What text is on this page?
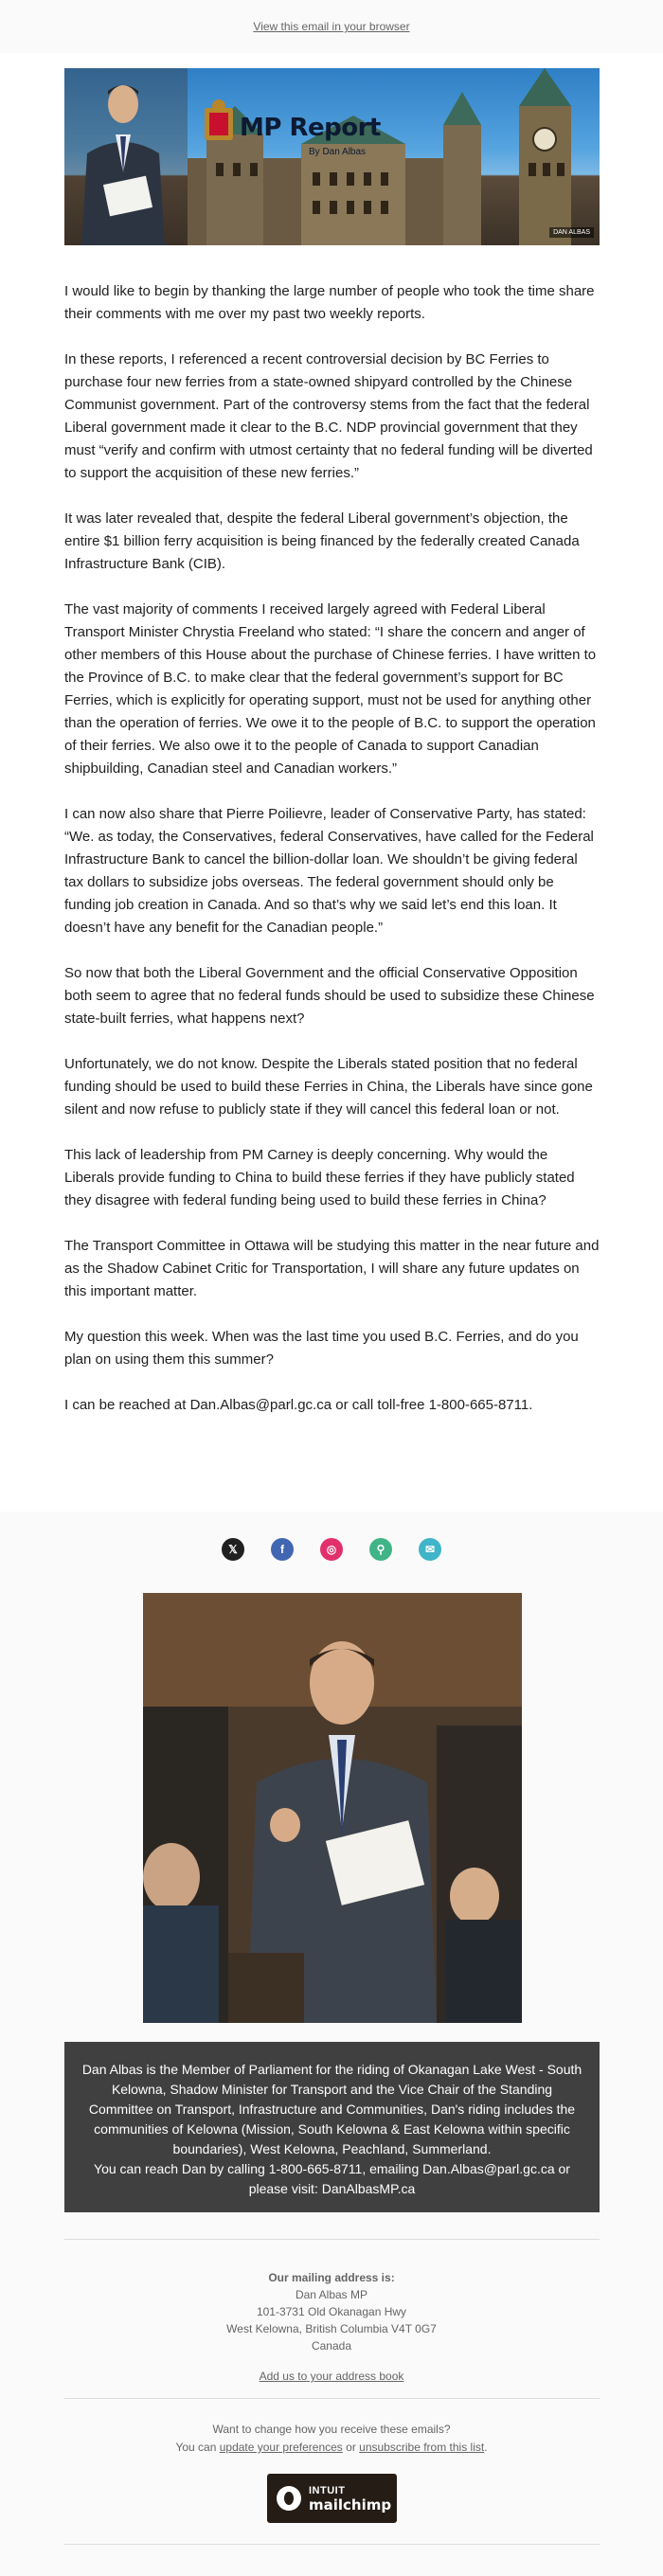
View this email in your browser
MP Report
By Dan Albas
DAN ALBAS

I would like to begin by thanking the large number of people who took the time share their comments with me over my past two weekly reports.

In these reports, I referenced a recent controversial decision by BC Ferries to purchase four new ferries from a state-owned shipyard controlled by the Chinese Communist government. Part of the controversy stems from the fact that the federal Liberal government made it clear to the B.C. NDP provincial government that they must “verify and confirm with utmost certainty that no federal funding will be diverted to support the acquisition of these new ferries.”

It was later revealed that, despite the federal Liberal government’s objection, the entire $1 billion ferry acquisition is being financed by the federally created Canada Infrastructure Bank (CIB).

The vast majority of comments I received largely agreed with Federal Liberal Transport Minister Chrystia Freeland who stated: “I share the concern and anger of other members of this House about the purchase of Chinese ferries. I have written to the Province of B.C. to make clear that the federal government’s support for BC Ferries, which is explicitly for operating support, must not be used for anything other than the operation of ferries. We owe it to the people of B.C. to support the operation of their ferries. We also owe it to the people of Canada to support Canadian shipbuilding, Canadian steel and Canadian workers.”

I can now also share that Pierre Poilievre, leader of Conservative Party, has stated: “We. as today, the Conservatives, federal Conservatives, have called for the Federal Infrastructure Bank to cancel the billion-dollar loan. We shouldn’t be giving federal tax dollars to subsidize jobs overseas. The federal government should only be funding job creation in Canada. And so that’s why we said let’s end this loan. It doesn’t have any benefit for the Canadian people.”

So now that both the Liberal Government and the official Conservative Opposition both seem to agree that no federal funds should be used to subsidize these Chinese state-built ferries, what happens next?

Unfortunately, we do not know. Despite the Liberals stated position that no federal funding should be used to build these Ferries in China, the Liberals have since gone silent and now refuse to publicly state if they will cancel this federal loan or not.

This lack of leadership from PM Carney is deeply concerning. Why would the Liberals provide funding to China to build these ferries if they have publicly stated they disagree with federal funding being used to build these ferries in China?

The Transport Committee in Ottawa will be studying this matter in the near future and as the Shadow Cabinet Critic for Transportation, I will share any future updates on this important matter.

My question this week. When was the last time you used B.C. Ferries, and do you plan on using them this summer?

I can be reached at Dan.Albas@parl.gc.ca or call toll-free 1-800-665-8711.

𝕏	f	◎	⚲	✉
Dan Albas is the Member of Parliament for the riding of Okanagan Lake West - South Kelowna, Shadow Minister for Transport and the Vice Chair of the Standing Committee on Transport, Infrastructure and Communities, Dan's riding includes the communities of Kelowna (Mission, South Kelowna & East Kelowna within specific boundaries), West Kelowna, Peachland, Summerland.
You can reach Dan by calling 1-800-665-8711, emailing Dan.Albas@parl.gc.ca or please visit: DanAlbasMP.ca
Our mailing address is:
Dan Albas MP
101-3731 Old Okanagan Hwy
West Kelowna, British Columbia V4T 0G7
Canada
Add us to your address book
Want to change how you receive these emails?
You can update your preferences or unsubscribe from this list.
INTUIT
mailchimp
